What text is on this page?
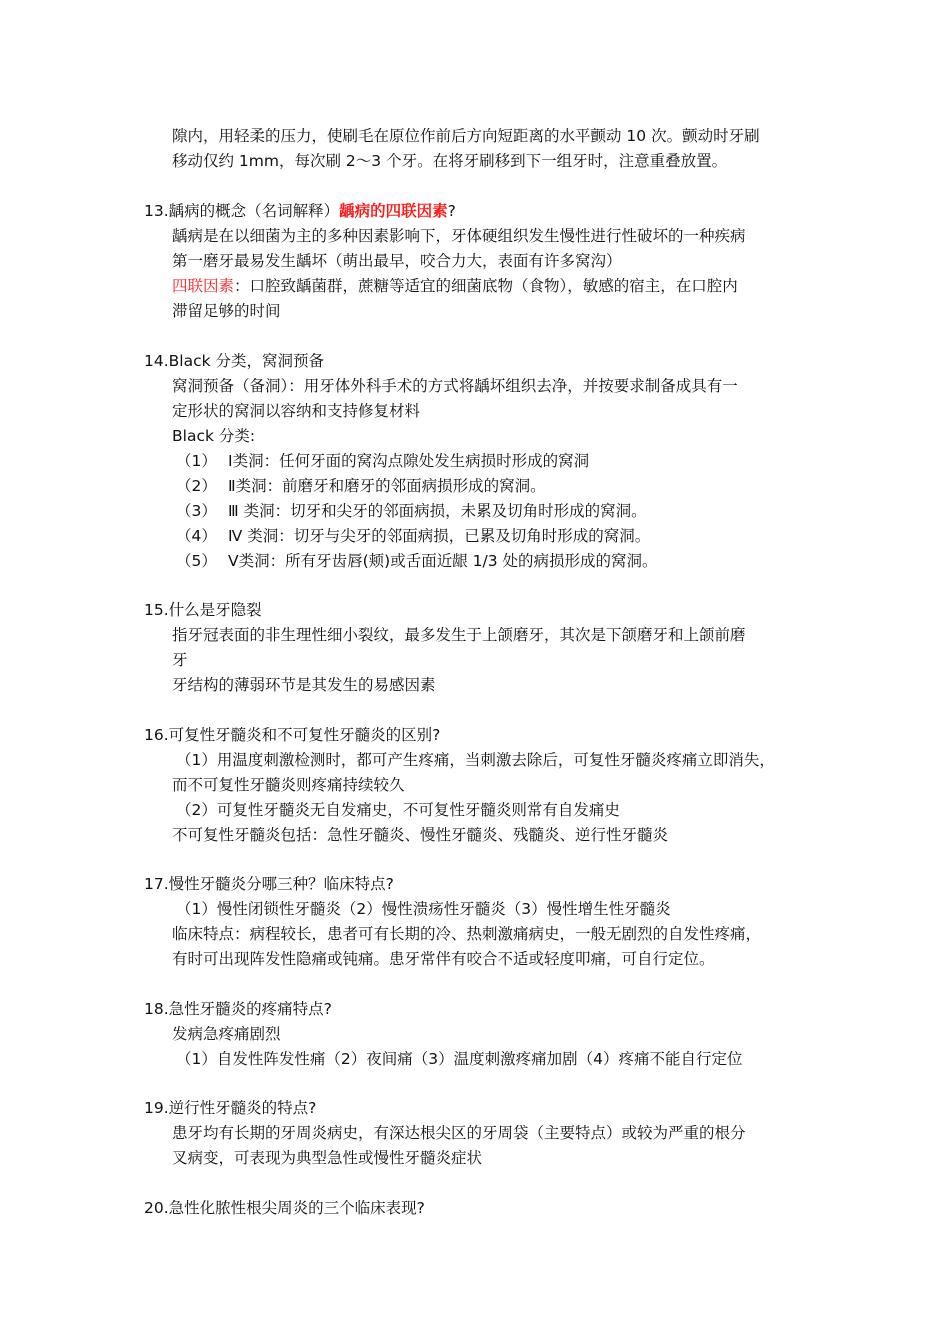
隙内，用轻柔的压力，使刷毛在原位作前后方向短距离的水平颤动 10 次。颤动时牙刷
移动仅约 1mm，每次刷 2～3 个牙。在将牙刷移到下一组牙时，注意重叠放置。
13.龋病的概念（名词解释）龋病的四联因素?
龋病是在以细菌为主的多种因素影响下，牙体硬组织发生慢性进行性破坏的一种疾病
第一磨牙最易发生龋坏（萌出最早，咬合力大，表面有许多窝沟）
四联因素：口腔致龋菌群，蔗糖等适宜的细菌底物（食物），敏感的宿主，在口腔内
滞留足够的时间
14.Black 分类，窝洞预备
窝洞预备（备洞）：用牙体外科手术的方式将龋坏组织去净，并按要求制备成具有一
定形状的窝洞以容纳和支持修复材料
Black 分类:
（1） Ⅰ类洞：任何牙面的窝沟点隙处发生病损时形成的窝洞
（2） Ⅱ类洞：前磨牙和磨牙的邻面病损形成的窝洞。
（3） Ⅲ 类洞：切牙和尖牙的邻面病损，未累及切角时形成的窝洞。
（4） Ⅳ 类洞：切牙与尖牙的邻面病损，已累及切角时形成的窝洞。
（5） Ⅴ类洞：所有牙齿唇(颊)或舌面近龈 1/3 处的病损形成的窝洞。
15.什么是牙隐裂
指牙冠表面的非生理性细小裂纹，最多发生于上颌磨牙，其次是下颌磨牙和上颌前磨
牙
牙结构的薄弱环节是其发生的易感因素
16.可复性牙髓炎和不可复性牙髓炎的区别?
（1）用温度刺激检测时，都可产生疼痛，当刺激去除后，可复性牙髓炎疼痛立即消失，
而不可复性牙髓炎则疼痛持续较久
（2）可复性牙髓炎无自发痛史，不可复性牙髓炎则常有自发痛史
不可复性牙髓炎包括：急性牙髓炎、慢性牙髓炎、残髓炎、逆行性牙髓炎
17.慢性牙髓炎分哪三种？临床特点?
（1）慢性闭锁性牙髓炎（2）慢性溃疡性牙髓炎（3）慢性增生性牙髓炎
临床特点：病程较长，患者可有长期的冷、热刺激痛病史，一般无剧烈的自发性疼痛，
有时可出现阵发性隐痛或钝痛。患牙常伴有咬合不适或轻度叩痛，可自行定位。
18.急性牙髓炎的疼痛特点?
发病急疼痛剧烈
（1）自发性阵发性痛（2）夜间痛（3）温度刺激疼痛加剧（4）疼痛不能自行定位
19.逆行性牙髓炎的特点?
患牙均有长期的牙周炎病史，有深达根尖区的牙周袋（主要特点）或较为严重的根分
叉病变，可表现为典型急性或慢性牙髓炎症状
20.急性化脓性根尖周炎的三个临床表现?
